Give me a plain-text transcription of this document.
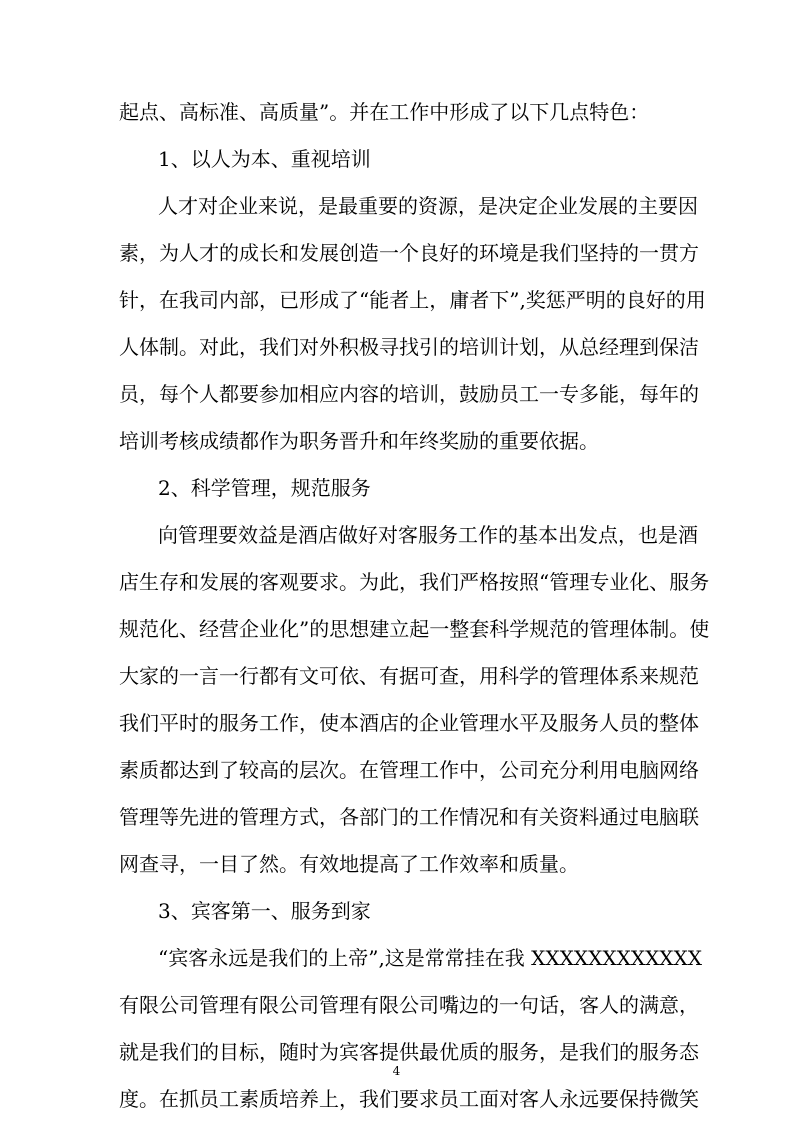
起点、高标准、高质量”。并在工作中形成了以下几点特色：
1、以人为本、重视培训
人才对企业来说，是最重要的资源，是决定企业发展的主要因
素，为人才的成长和发展创造一个良好的环境是我们坚持的一贯方
针，在我司内部，已形成了“能者上，庸者下”,奖惩严明的良好的用
人体制。对此，我们对外积极寻找引的培训计划，从总经理到保洁
员，每个人都要参加相应内容的培训，鼓励员工一专多能，每年的
培训考核成绩都作为职务晋升和年终奖励的重要依据。
2、科学管理，规范服务
向管理要效益是酒店做好对客服务工作的基本出发点，也是酒
店生存和发展的客观要求。为此，我们严格按照“管理专业化、服务
规范化、经营企业化”的思想建立起一整套科学规范的管理体制。使
大家的一言一行都有文可依、有据可查，用科学的管理体系来规范
我们平时的服务工作，使本酒店的企业管理水平及服务人员的整体
素质都达到了较高的层次。在管理工作中，公司充分利用电脑网络
管理等先进的管理方式，各部门的工作情况和有关资料通过电脑联
网查寻，一目了然。有效地提高了工作效率和质量。
3、宾客第一、服务到家
“宾客永远是我们的上帝”,这是常常挂在我 XXXXXXXXXXXX
有限公司管理有限公司管理有限公司嘴边的一句话，客人的满意，
就是我们的目标，随时为宾客提供最优质的服务，是我们的服务态
度。在抓员工素质培养上，我们要求员工面对客人永远要保持微笑
4
